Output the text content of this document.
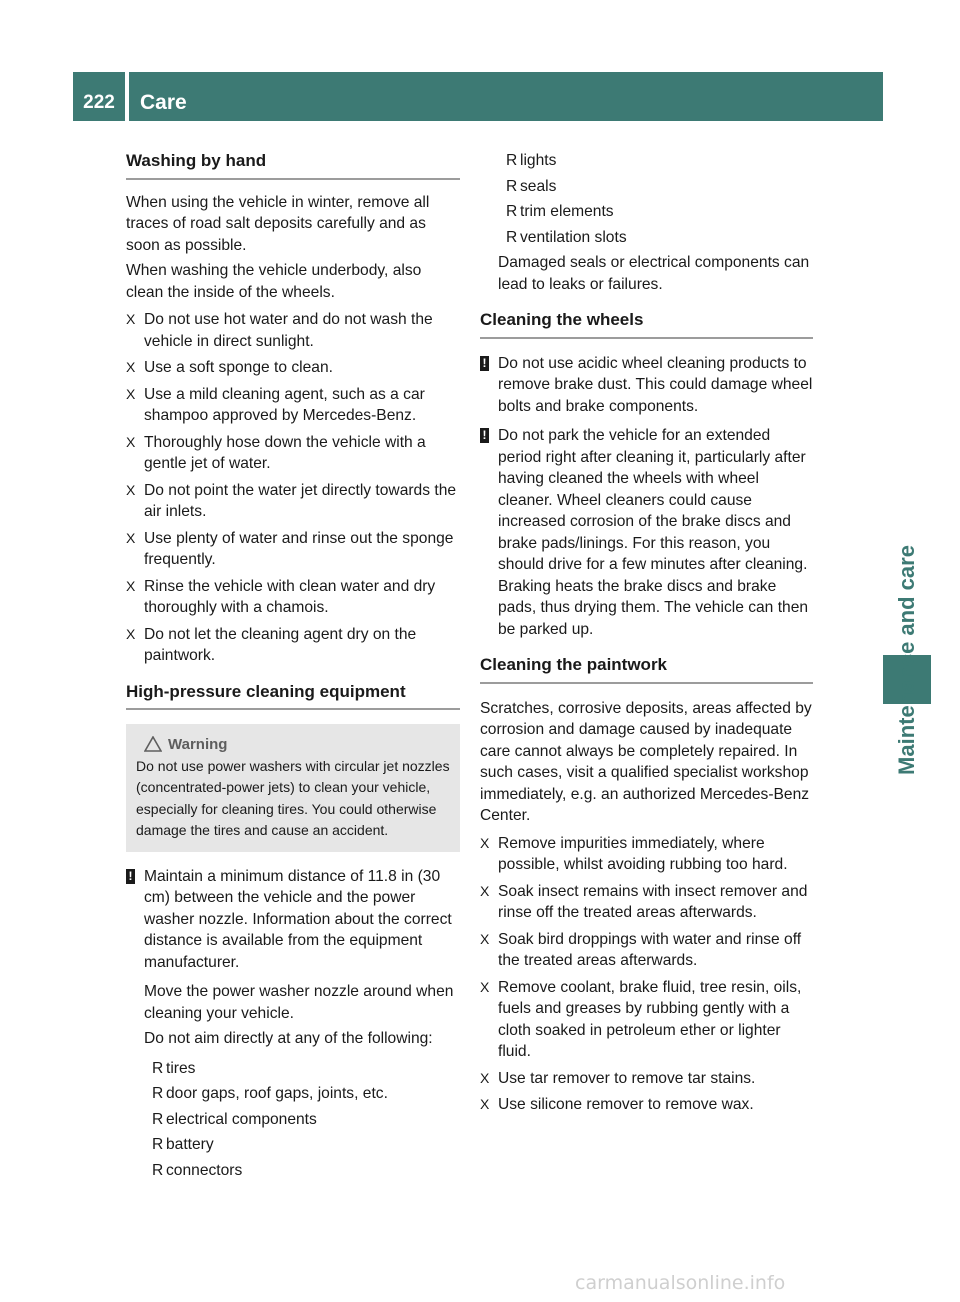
222	Care
Maintenance and care
Washing by hand

When using the vehicle in winter, remove all traces of road salt deposits carefully and as soon as possible.

When washing the vehicle underbody, also clean the inside of the wheels.

X Do not use hot water and do not wash the vehicle in direct sunlight.
X Use a soft sponge to clean.
X Use a mild cleaning agent, such as a car shampoo approved by Mercedes-Benz.
X Thoroughly hose down the vehicle with a gentle jet of water.
X Do not point the water jet directly towards the air inlets.
X Use plenty of water and rinse out the sponge frequently.
X Rinse the vehicle with clean water and dry thoroughly with a chamois.
X Do not let the cleaning agent dry on the paintwork.
High-pressure cleaning equipment
Warning
Do not use power washers with circular jet nozzles (concentrated-power jets) to clean your vehicle, especially for cleaning tires. You could otherwise damage the tires and cause an accident.
! Maintain a minimum distance of 11.8 in (30 cm) between the vehicle and the power washer nozzle. Information about the correct distance is available from the equipment manufacturer.

Move the power washer nozzle around when cleaning your vehicle.

Do not aim directly at any of the following:

R tires
R door gaps, roof gaps, joints, etc.
R electrical components
R battery
R connectors
R lights
R seals
R trim elements
R ventilation slots

Damaged seals or electrical components can lead to leaks or failures.

Cleaning the wheels
! Do not use acidic wheel cleaning products to remove brake dust. This could damage wheel bolts and brake components.
! Do not park the vehicle for an extended period right after cleaning it, particularly after having cleaned the wheels with wheel cleaner. Wheel cleaners could cause increased corrosion of the brake discs and brake pads/linings. For this reason, you should drive for a few minutes after cleaning. Braking heats the brake discs and brake pads, thus drying them. The vehicle can then be parked up.
Cleaning the paintwork

Scratches, corrosive deposits, areas affected by corrosion and damage caused by inadequate care cannot always be completely repaired. In such cases, visit a qualified specialist workshop immediately, e.g. an authorized Mercedes-Benz Center.

X Remove impurities immediately, where possible, whilst avoiding rubbing too hard.
X Soak insect remains with insect remover and rinse off the treated areas afterwards.
X Soak bird droppings with water and rinse off the treated areas afterwards.
X Remove coolant, brake fluid, tree resin, oils, fuels and greases by rubbing gently with a cloth soaked in petroleum ether or lighter fluid.
X Use tar remover to remove tar stains.
X Use silicone remover to remove wax.
carmanualsonline.info
